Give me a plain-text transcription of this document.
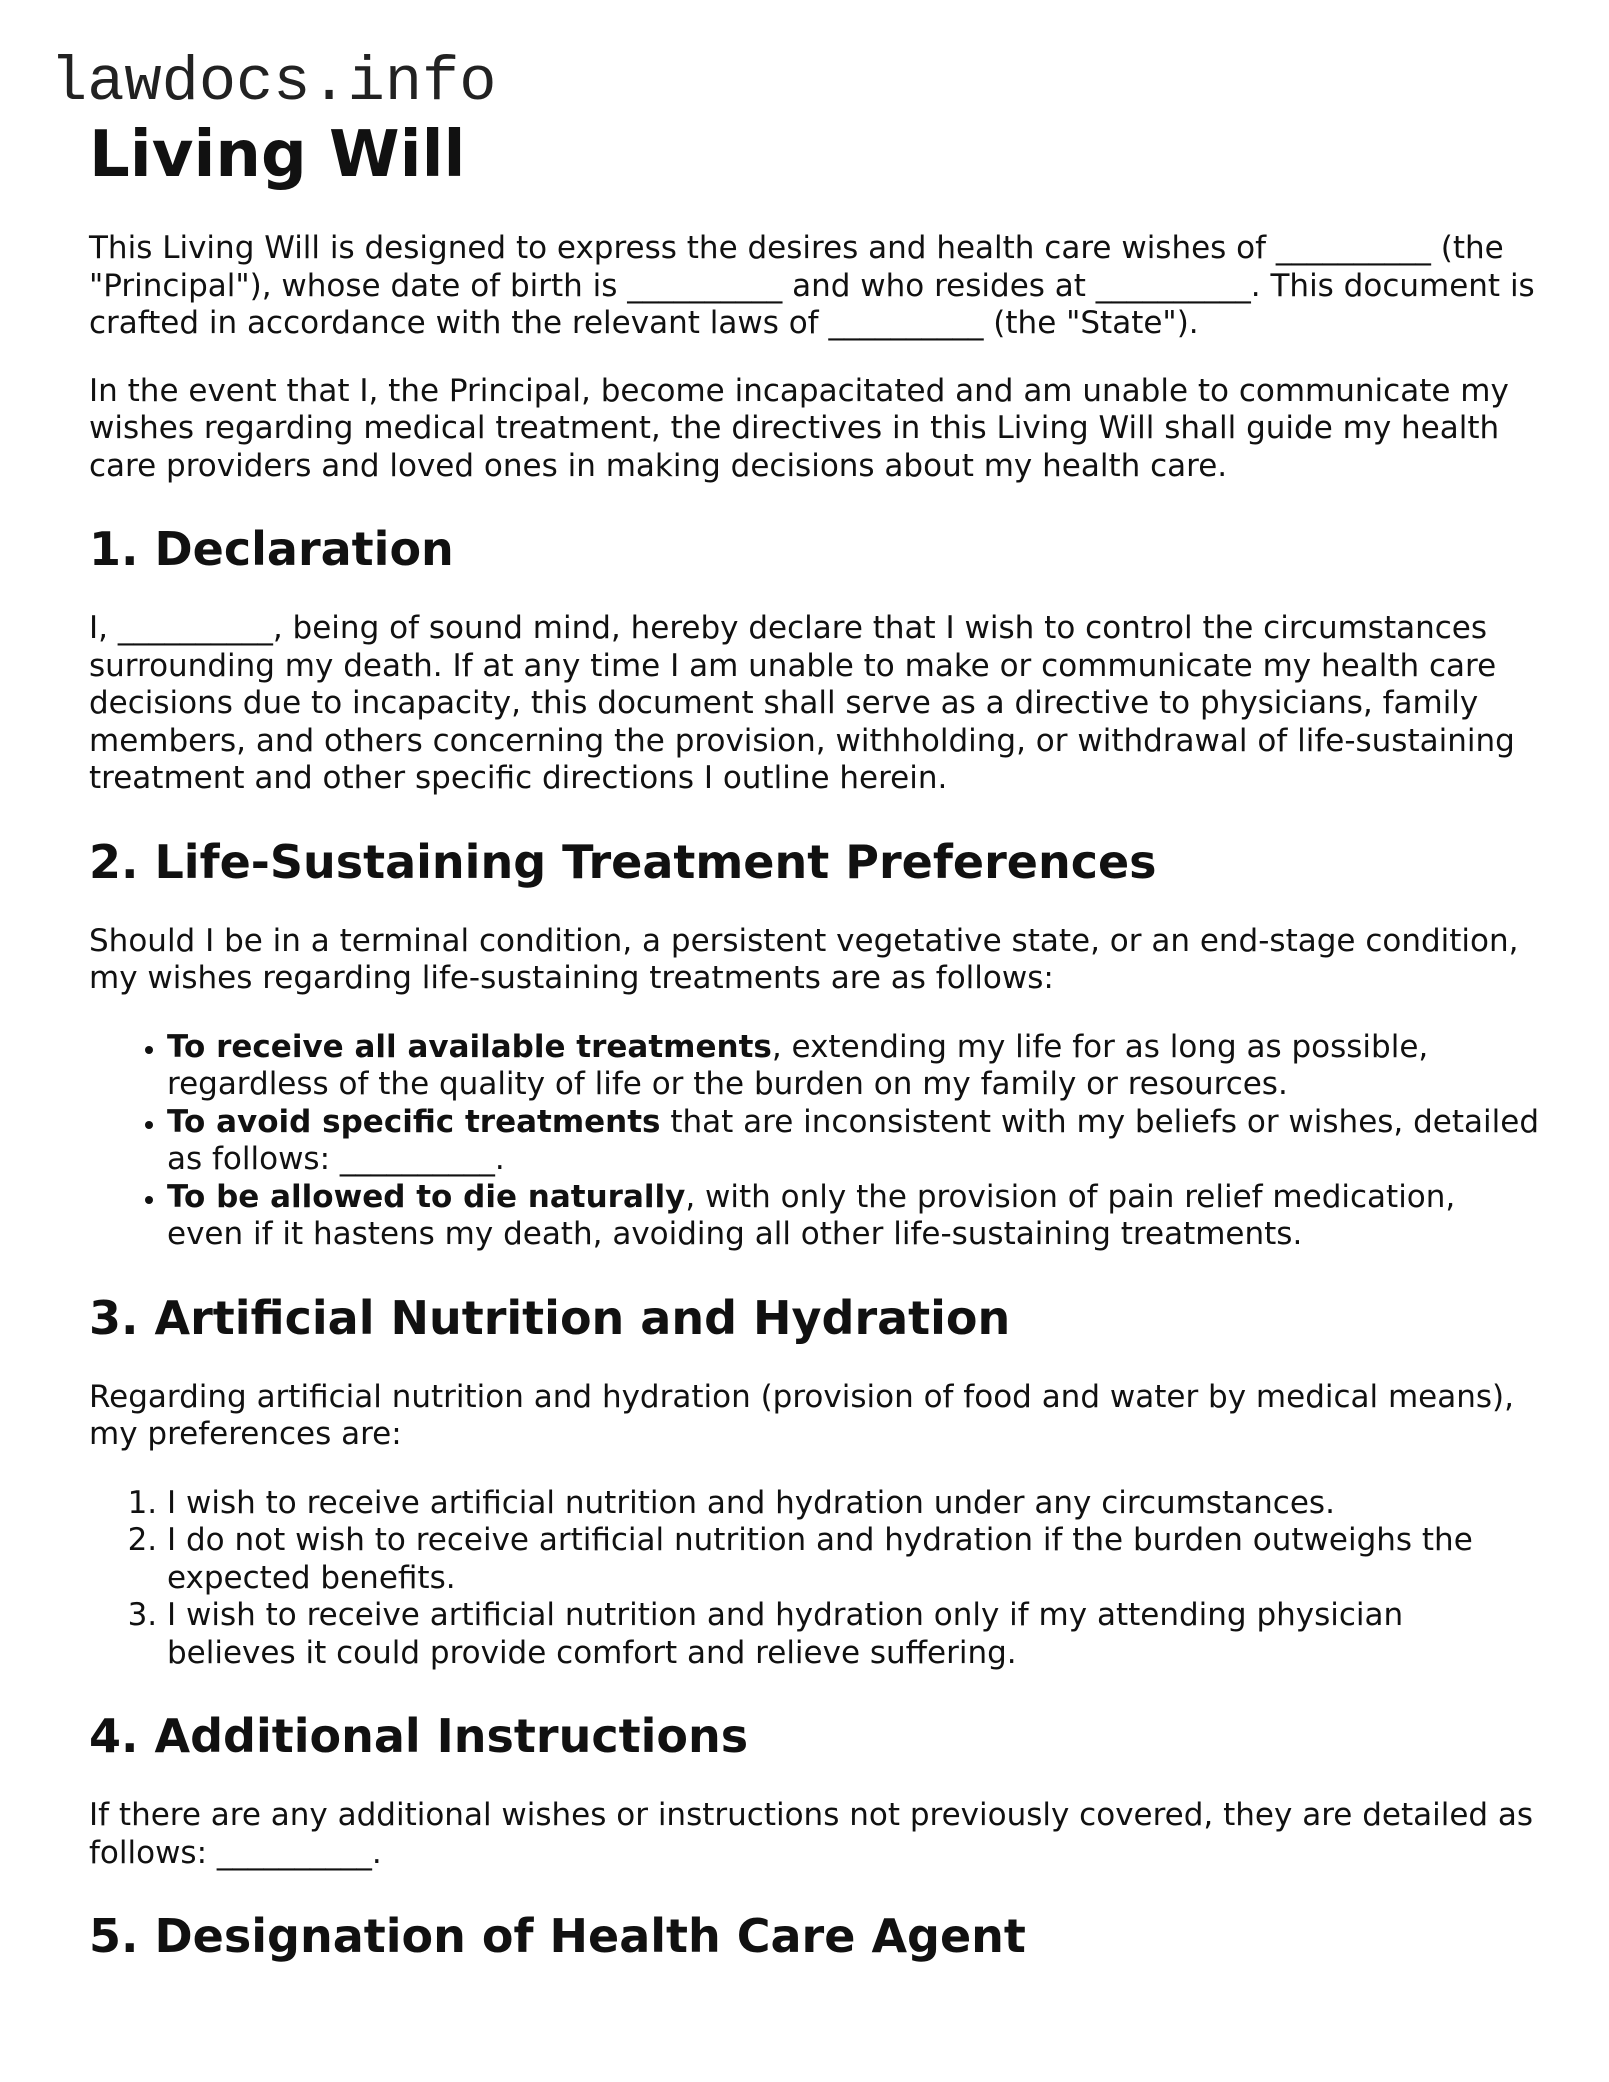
lawdocs.info
Living Will

This Living Will is designed to express the desires and health care wishes of __________ (the "Principal"), whose date of birth is __________ and who resides at __________. This document is crafted in accordance with the relevant laws of __________ (the "State").

In the event that I, the Principal, become incapacitated and am unable to communicate my wishes regarding medical treatment, the directives in this Living Will shall guide my health care providers and loved ones in making decisions about my health care.

1. Declaration

I, __________, being of sound mind, hereby declare that I wish to control the circumstances surrounding my death. If at any time I am unable to make or communicate my health care decisions due to incapacity, this document shall serve as a directive to physicians, family members, and others concerning the provision, withholding, or withdrawal of life-sustaining treatment and other specific directions I outline herein.

2. Life-Sustaining Treatment Preferences

Should I be in a terminal condition, a persistent vegetative state, or an end-stage condition, my wishes regarding life-sustaining treatments are as follows:

• To receive all available treatments, extending my life for as long as possible, regardless of the quality of life or the burden on my family or resources.
• To avoid specific treatments that are inconsistent with my beliefs or wishes, detailed as follows: __________.
• To be allowed to die naturally, with only the provision of pain relief medication, even if it hastens my death, avoiding all other life-sustaining treatments.
3. Artificial Nutrition and Hydration

Regarding artificial nutrition and hydration (provision of food and water by medical means), my preferences are:

1. I wish to receive artificial nutrition and hydration under any circumstances.
2. I do not wish to receive artificial nutrition and hydration if the burden outweighs the expected benefits.
3. I wish to receive artificial nutrition and hydration only if my attending physician believes it could provide comfort and relieve suffering.
4. Additional Instructions

If there are any additional wishes or instructions not previously covered, they are detailed as follows: __________.

5. Designation of Health Care Agent
